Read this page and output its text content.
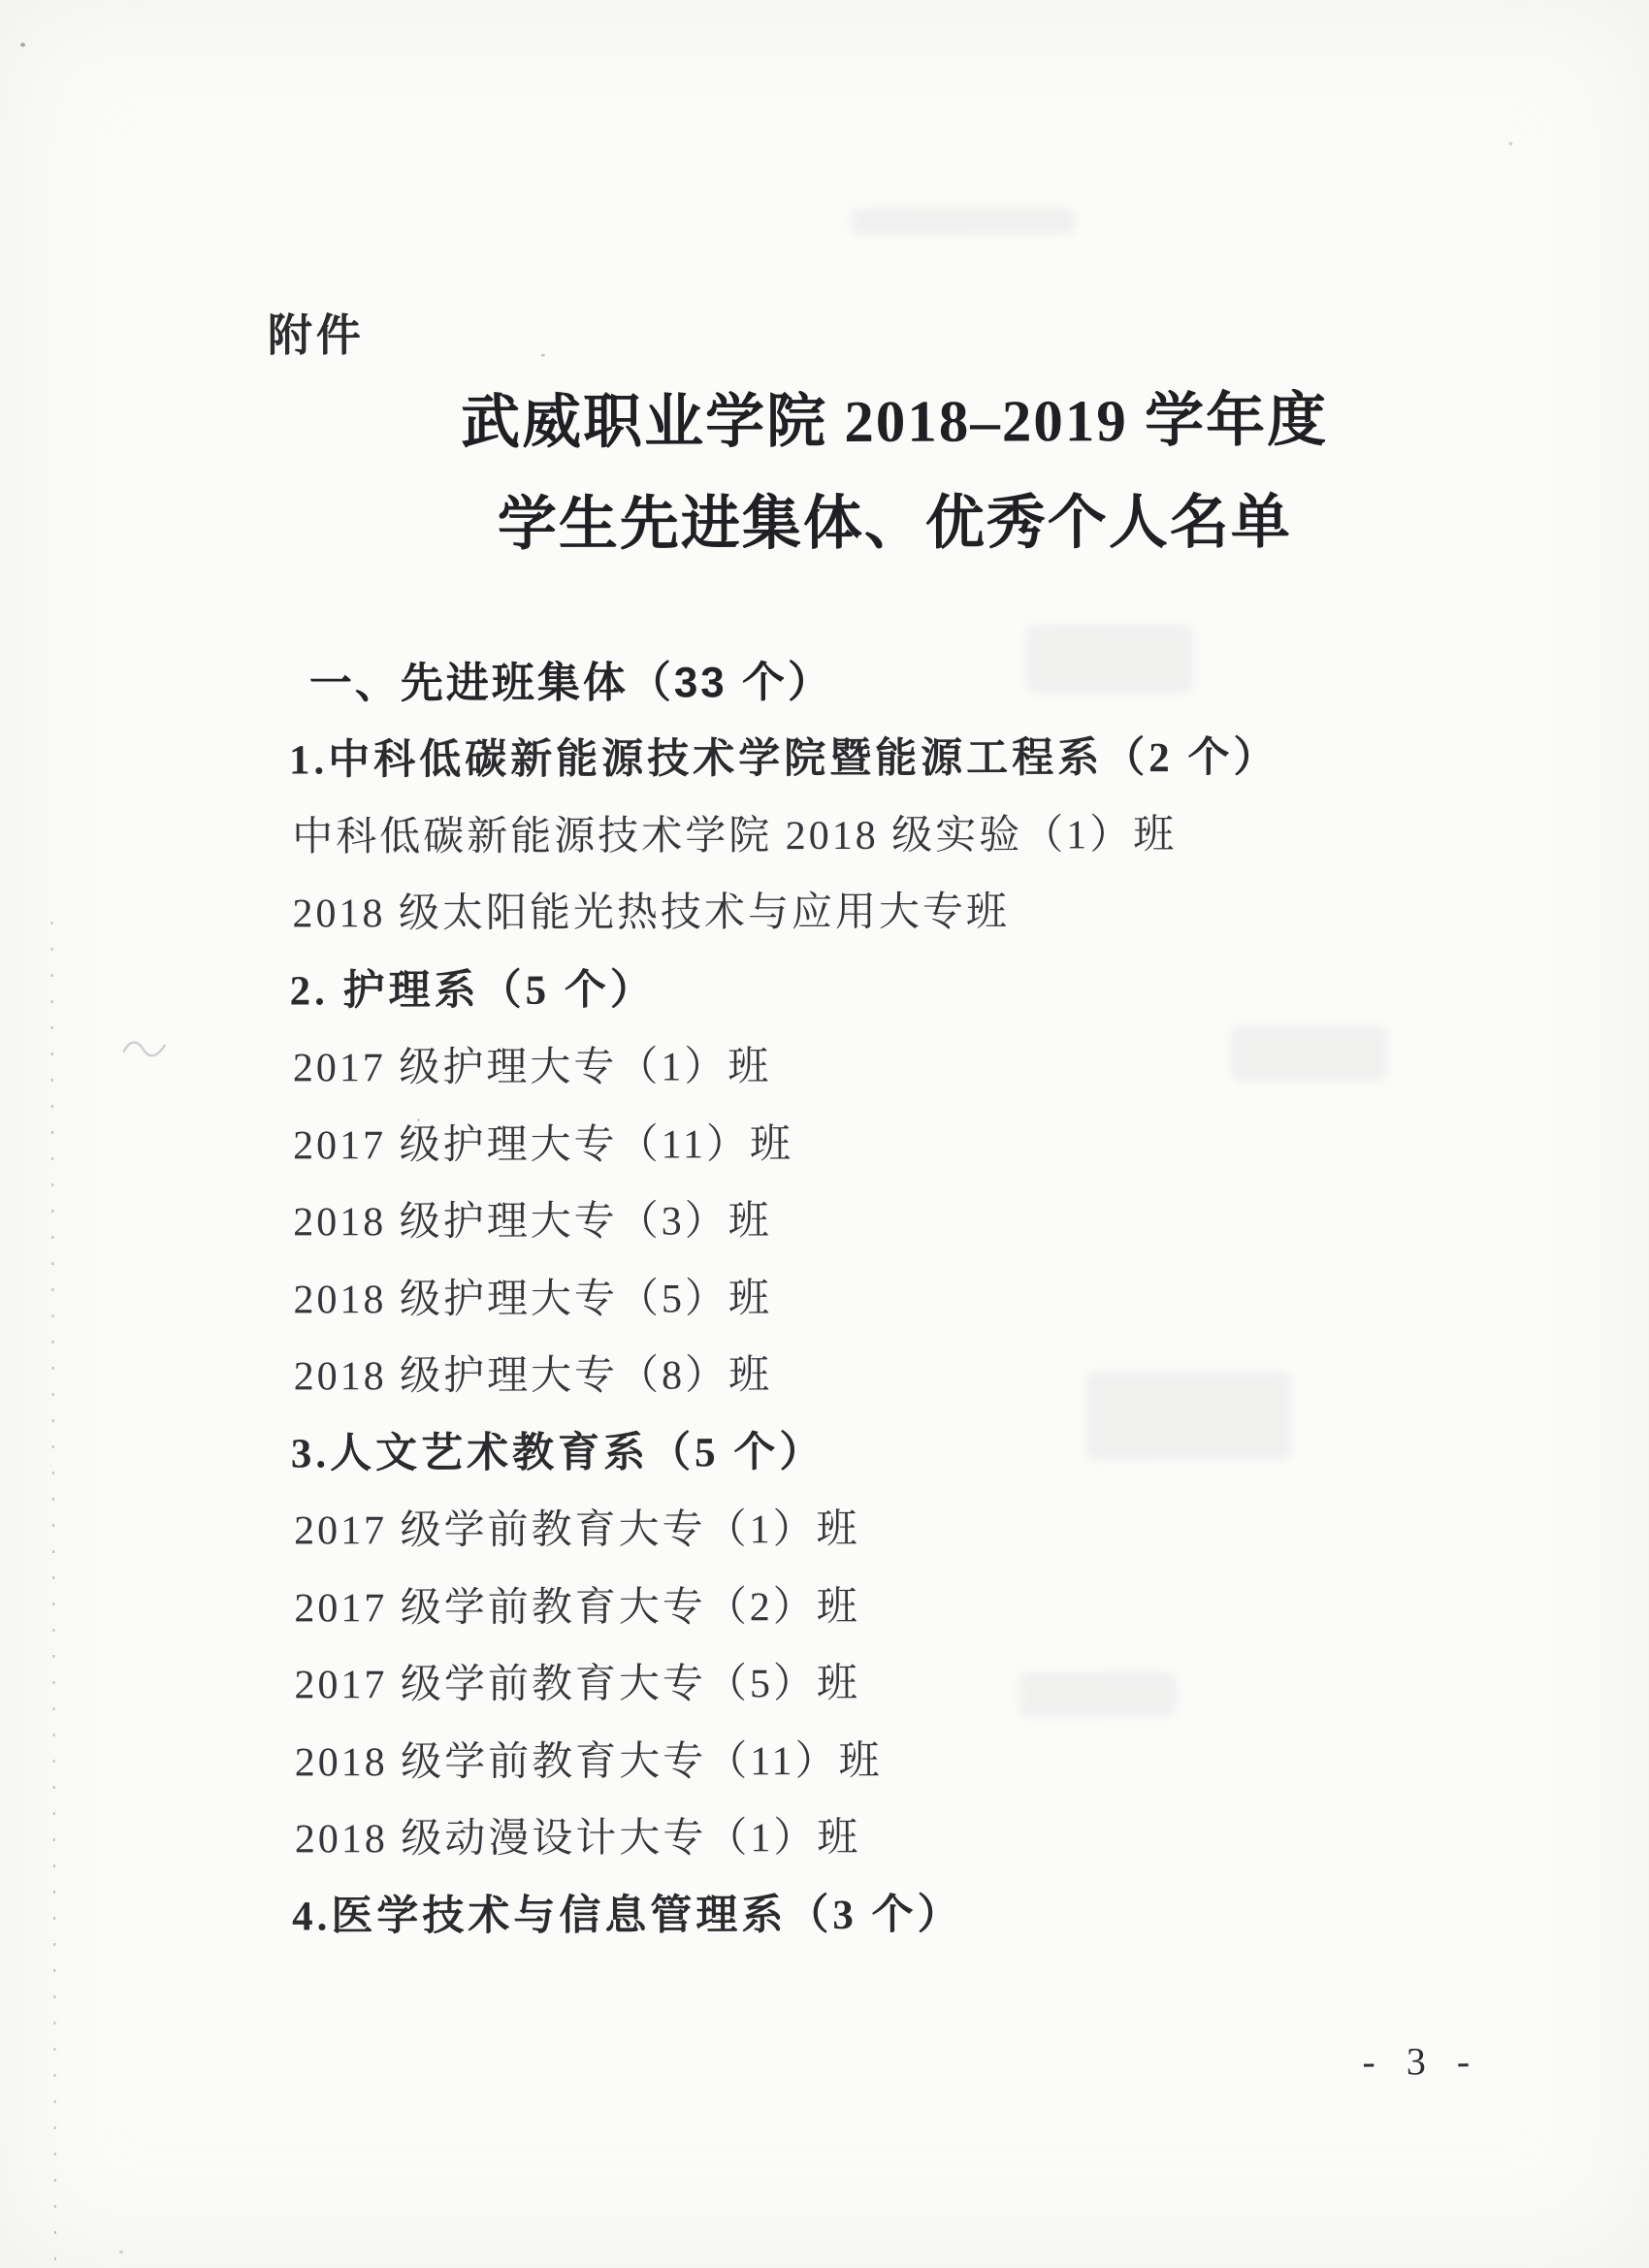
附件
武威职业学院 2018–2019 学年度
学生先进集体、优秀个人名单
一、先进班集体（33 个）
1.中科低碳新能源技术学院暨能源工程系（2 个）
中科低碳新能源技术学院 2018 级实验（1）班
2018 级太阳能光热技术与应用大专班
2. 护理系（5 个）
2017 级护理大专（1）班
2017 级护理大专（11）班
2018 级护理大专（3）班
2018 级护理大专（5）班
2018 级护理大专（8）班
3.人文艺术教育系（5 个）
2017 级学前教育大专（1）班
2017 级学前教育大专（2）班
2017 级学前教育大专（5）班
2018 级学前教育大专（11）班
2018 级动漫设计大专（1）班
4.医学技术与信息管理系（3 个）
- 3 -
